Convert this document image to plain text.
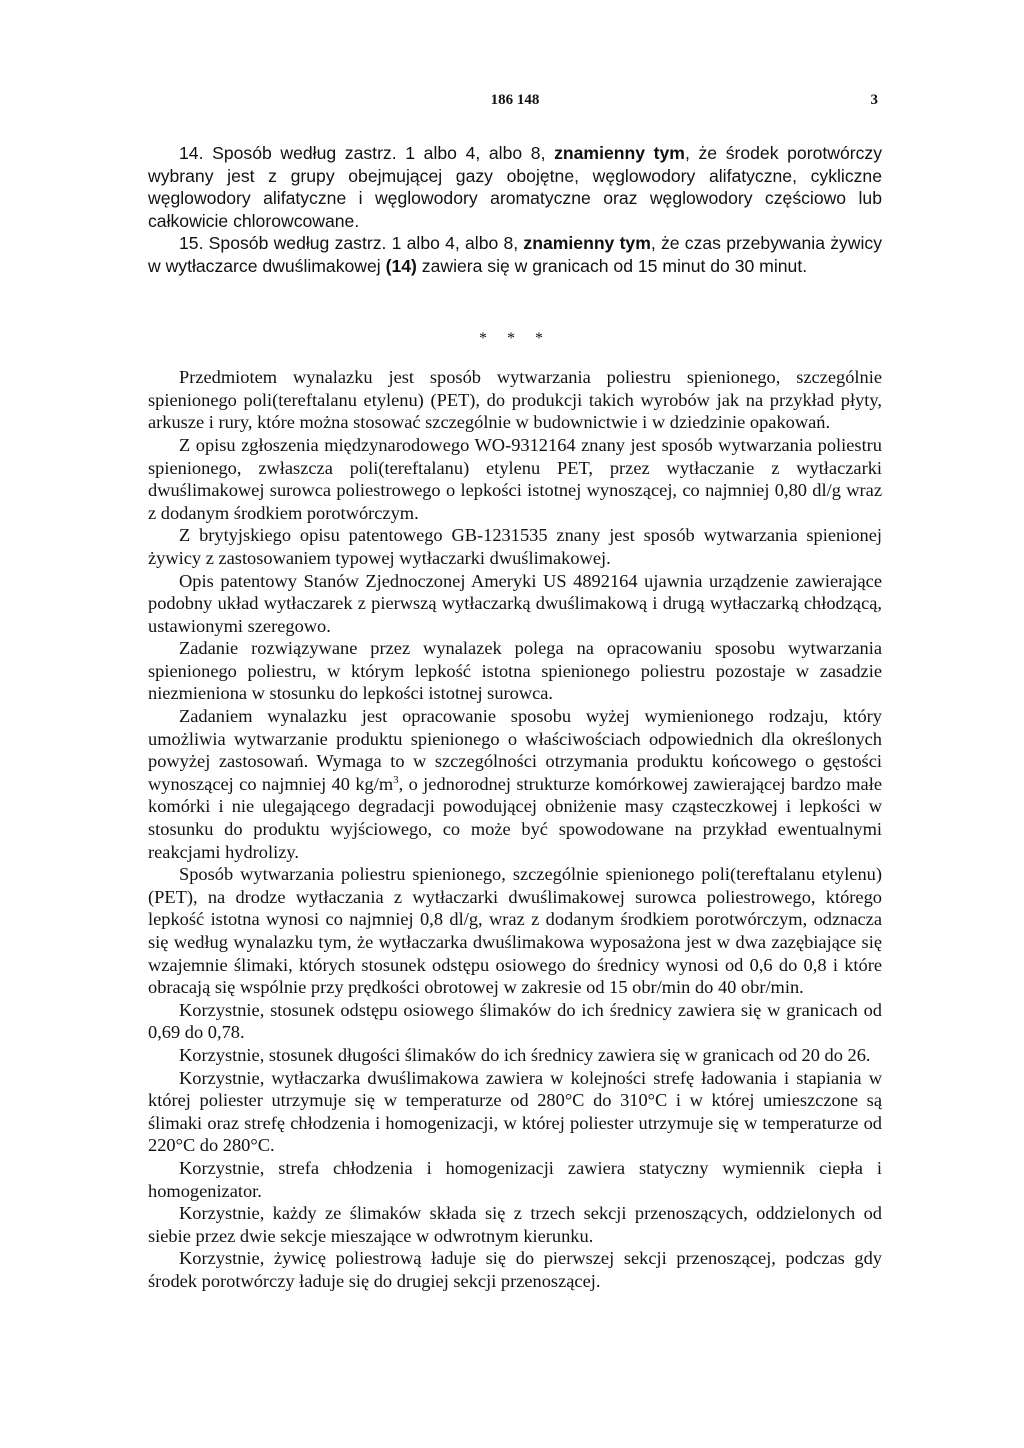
186 148	3

14. Sposób według zastrz. 1 albo 4, albo 8, znamienny tym, że środek porotwórczy wybrany jest z grupy obejmującej gazy obojętne, węglowodory alifatyczne, cykliczne węglowodory alifatyczne i węglowodory aromatyczne oraz węglowodory częściowo lub całkowicie chlorowcowane.

15. Sposób według zastrz. 1 albo 4, albo 8, znamienny tym, że czas przebywania żywicy w wytłaczarce dwuślimakowej (14) zawiera się w granicach od 15 minut do 30 minut.

* * *

Przedmiotem wynalazku jest sposób wytwarzania poliestru spienionego, szczególnie spienionego poli(tereftalanu etylenu) (PET), do produkcji takich wyrobów jak na przykład płyty, arkusze i rury, które można stosować szczególnie w budownictwie i w dziedzinie opakowań.

Z opisu zgłoszenia międzynarodowego WO-9312164 znany jest sposób wytwarzania poliestru spienionego, zwłaszcza poli(tereftalanu) etylenu PET, przez wytłaczanie z wytłaczarki dwuślimakowej surowca poliestrowego o lepkości istotnej wynoszącej, co najmniej 0,80 dl/g wraz z dodanym środkiem porotwórczym.

Z brytyjskiego opisu patentowego GB-1231535 znany jest sposób wytwarzania spienionej żywicy z zastosowaniem typowej wytłaczarki dwuślimakowej.

Opis patentowy Stanów Zjednoczonej Ameryki US 4892164 ujawnia urządzenie zawierające podobny układ wytłaczarek z pierwszą wytłaczarką dwuślimakową i drugą wytłaczarką chłodzącą, ustawionymi szeregowo.

Zadanie rozwiązywane przez wynalazek polega na opracowaniu sposobu wytwarzania spienionego poliestru, w którym lepkość istotna spienionego poliestru pozostaje w zasadzie niezmieniona w stosunku do lepkości istotnej surowca.

Zadaniem wynalazku jest opracowanie sposobu wyżej wymienionego rodzaju, który umożliwia wytwarzanie produktu spienionego o właściwościach odpowiednich dla określonych powyżej zastosowań. Wymaga to w szczególności otrzymania produktu końcowego o gęstości wynoszącej co najmniej 40 $kg/m^3$, o jednorodnej strukturze komórkowej zawierającej bardzo małe komórki i nie ulegającego degradacji powodującej obniżenie masy cząsteczkowej i lepkości w stosunku do produktu wyjściowego, co może być spowodowane na przykład ewentualnymi reakcjami hydrolizy.

Sposób wytwarzania poliestru spienionego, szczególnie spienionego poli(tereftalanu etylenu) (PET), na drodze wytłaczania z wytłaczarki dwuślimakowej surowca poliestrowego, którego lepkość istotna wynosi co najmniej 0,8 dl/g, wraz z dodanym środkiem porotwórczym, odznacza się według wynalazku tym, że wytłaczarka dwuślimakowa wyposażona jest w dwa zazębiające się wzajemnie ślimaki, których stosunek odstępu osiowego do średnicy wynosi od 0,6 do 0,8 i które obracają się wspólnie przy prędkości obrotowej w zakresie od 15 obr/min do 40 obr/min.

Korzystnie, stosunek odstępu osiowego ślimaków do ich średnicy zawiera się w granicach od 0,69 do 0,78.

Korzystnie, stosunek długości ślimaków do ich średnicy zawiera się w granicach od 20 do 26.

Korzystnie, wytłaczarka dwuślimakowa zawiera w kolejności strefę ładowania i stapiania w której poliester utrzymuje się w temperaturze od 280°C do 310°C i w której umieszczone są ślimaki oraz strefę chłodzenia i homogenizacji, w której poliester utrzymuje się w temperaturze od 220°C do 280°C.

Korzystnie, strefa chłodzenia i homogenizacji zawiera statyczny wymiennik ciepła i homogenizator.

Korzystnie, każdy ze ślimaków składa się z trzech sekcji przenoszących, oddzielonych od siebie przez dwie sekcje mieszające w odwrotnym kierunku.

Korzystnie, żywicę poliestrową ładuje się do pierwszej sekcji przenoszącej, podczas gdy środek porotwórczy ładuje się do drugiej sekcji przenoszącej.
